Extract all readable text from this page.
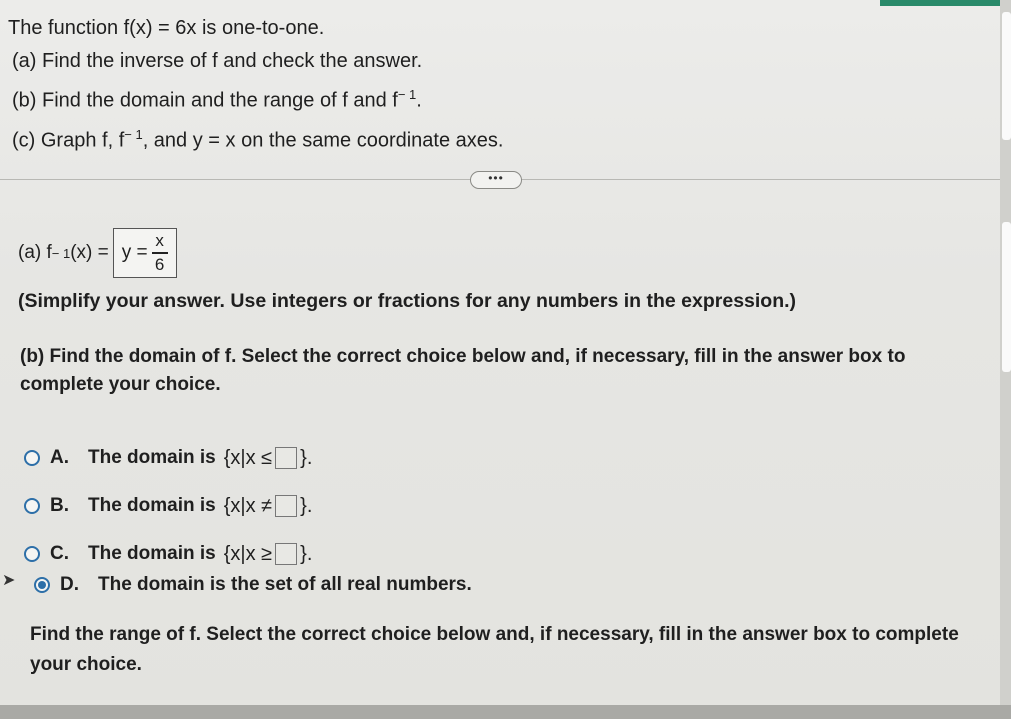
The function f(x) = 6x is one-to-one.
(a) Find the inverse of f and check the answer.
(b) Find the domain and the range of f and $f^{- 1}$.
(c) Graph f, $f^{- 1}$, and y = x on the same coordinate axes.
•••
(a) f − 1 $(x) = y = \frac{x}{6}$
(Simplify your answer. Use integers or fractions for any numbers in the expression.)
(b) Find the domain of f. Select the correct choice below and, if necessary, fill in the answer box to complete your choice.
A. The domain is {x|x ≤ }.
B. The domain is {x|x ≠ }.
C. The domain is {x|x ≥ }.
➤ D. The domain is the set of all real numbers.
Find the range of f. Select the correct choice below and, if necessary, fill in the answer box to complete your choice.
